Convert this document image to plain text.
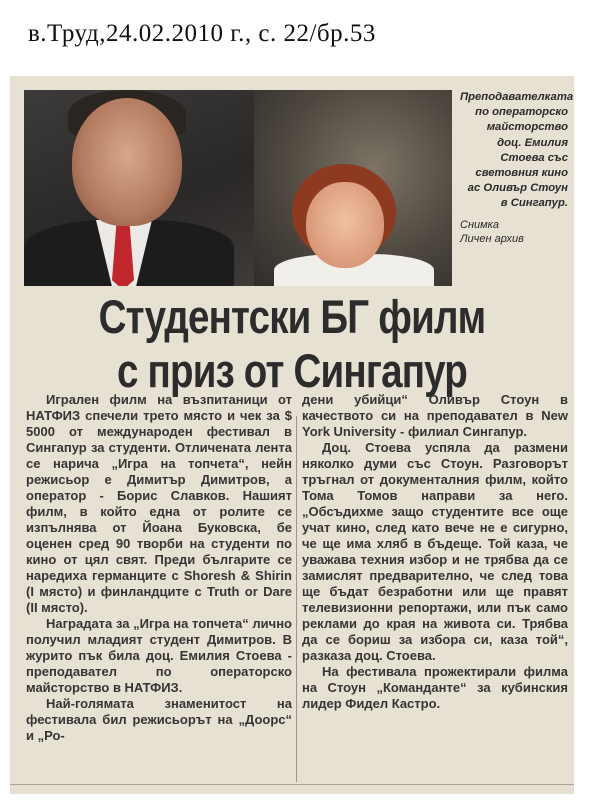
в.Труд,24.02.2010 г., с. 22/бр.53
Преподавателката по операторско майсторство доц. Емилия Стоева със световния кино ас Оливър Стоун в Сингапур.
Снимка
Личен архив
Студентски БГ филм
с приз от Сингапур

Игрален филм на възпитаници от НАТФИЗ спечели трето място и чек за $ 5000 от международен фестивал в Сингапур за студенти. Отличената лента се нарича „Игра на топчета“, нейн режисьор е Димитър Димитров, а оператор - Борис Славков. Нашият филм, в който една от ролите се изпълнява от Йоана Буковска, бе оценен сред 90 творби на студенти по кино от цял свят. Преди българите се нарeдиха германците с Shoresh & Shirin (I място) и финландците с Truth or Dare (II място).

Наградата за „Игра на топчета“ лично получил младият студент Димитров. В журито пък била доц. Емилия Стоева - преподавател по операторско майсторство в НАТФИЗ.

Най-голямата знаменитост на фестивала бил режисьорът на „Доорс“ и „Ро-

дени убийци“ Оливър Стоун в качеството си на преподавател в New York University - филиал Сингапур.

Доц. Стоева успяла да размени няколко думи със Стоун. Разговорът тръгнал от документалния филм, който Тома Томов направи за него. „Обсъдихме защо студентите все още учат кино, след като вече не е сигурно, че ще има хляб в бъдеще. Той каза, че уважава техния избор и не трябва да се замислят предварително, че след това ще бъдат безработни или ще правят телевизионни репортажи, или пък само реклами до края на живота си. Трябва да се бориш за избора си, каза той“, разказа доц. Стоева.

На фестивала прожектирали филма на Стоун „Команданте“ за кубинския лидер Фидел Кастро.
